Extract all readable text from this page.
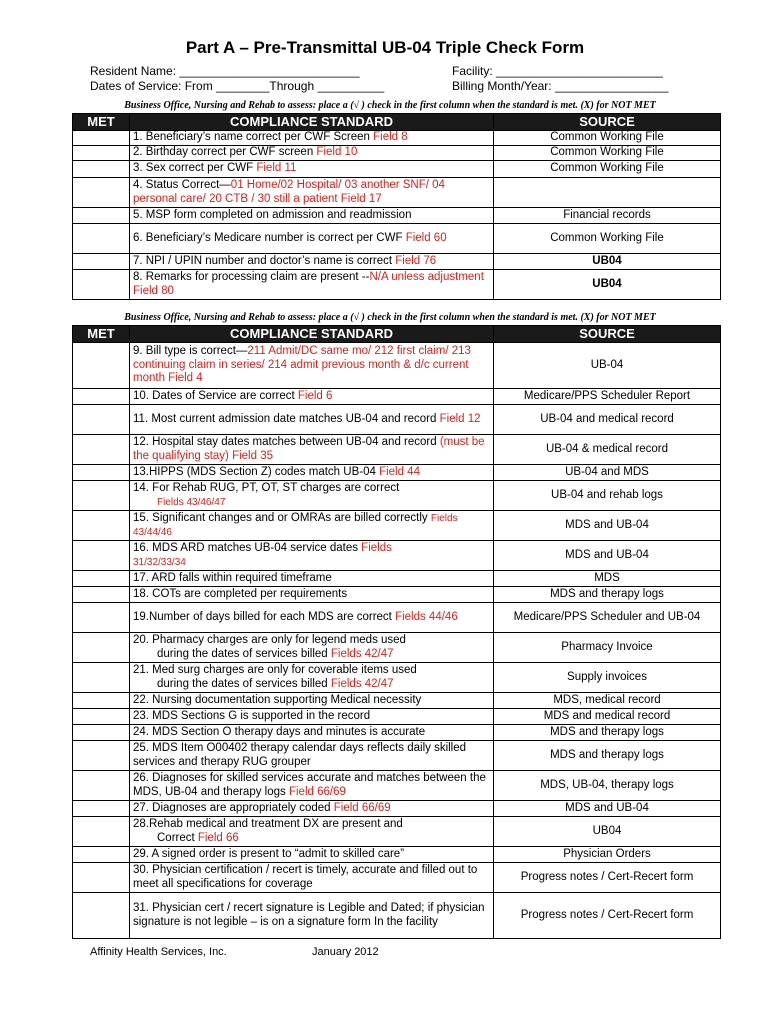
Part A – Pre-Transmittal UB-04 Triple Check Form
Resident Name: ___________________________
Dates of Service: From ________Through __________
Facility: _________________________
Billing Month/Year: _________________
Business Office, Nursing and Rehab to assess: place a (√ ) check in the first column when the standard is met. (X) for NOT MET
MET	COMPLIANCE STANDARD	SOURCE
	1. Beneficiary’s name correct per CWF Screen Field 8	Common Working File
	2. Birthday correct per CWF screen Field 10	Common Working File
	3. Sex correct per CWF Field 11	Common Working File
	4. Status Correct—01 Home/02 Hospital/ 03 another SNF/ 04 personal care/ 20 CTB / 30 still a patient Field 17	
	5. MSP form completed on admission and readmission	Financial records
	6. Beneficiary’s Medicare number is correct per CWF Field 60	Common Working File
	7. NPI / UPIN number and doctor’s name is correct Field 76	UB04
	8. Remarks for processing claim are present --N/A unless adjustment Field 80	UB04
Business Office, Nursing and Rehab to assess: place a (√ ) check in the first column when the standard is met. (X) for NOT MET
MET	COMPLIANCE STANDARD	SOURCE
	9. Bill type is correct—211 Admit/DC same mo/ 212 first claim/ 213 continuing claim in series/ 214 admit previous month & d/c current month Field 4	UB-04
	10. Dates of Service are correct Field 6	Medicare/PPS Scheduler Report
	11. Most current admission date matches UB-04 and record Field 12	UB-04 and medical record
	12. Hospital stay dates matches between UB-04 and record (must be the qualifying stay) Field 35	UB-04 & medical record
	13.HIPPS (MDS Section Z) codes match UB-04 Field 44	UB-04 and MDS
	14. For Rehab RUG, PT, OT, ST charges are correct
Fields 43/46/47	UB-04 and rehab logs
	15. Significant changes and or OMRAs are billed correctly Fields 43/44/46	MDS and UB-04
	16. MDS ARD matches UB-04 service dates Fields
31/32/33/34	MDS and UB-04
	17. ARD falls within required timeframe	MDS
	18. COTs are completed per requirements	MDS and therapy logs
	19.Number of days billed for each MDS are correct Fields 44/46	Medicare/PPS Scheduler and UB-04
	20. Pharmacy charges are only for legend meds used
during the dates of services billed Fields 42/47	Pharmacy Invoice
	21. Med surg charges are only for coverable items used
during the dates of services billed Fields 42/47	Supply invoices
	22. Nursing documentation supporting Medical necessity	MDS, medical record
	23. MDS Sections G is supported in the record	MDS and medical record
	24. MDS Section O therapy days and minutes is accurate	MDS and therapy logs
	25. MDS Item O00402 therapy calendar days reflects daily skilled services and therapy RUG grouper	MDS and therapy logs
	26. Diagnoses for skilled services accurate and matches between the MDS, UB-04 and therapy logs Field 66/69	MDS, UB-04, therapy logs
	27. Diagnoses are appropriately coded Field 66/69	MDS and UB-04
	28.Rehab medical and treatment DX are present and
Correct Field 66	UB04
	29. A signed order is present to “admit to skilled care”	Physician Orders
	30. Physician certification / recert is timely, accurate and filled out to meet all specifications for coverage	Progress notes / Cert-Recert form
	31. Physician cert / recert signature is Legible and Dated; if physician signature is not legible – is on a signature form In the facility	Progress notes / Cert-Recert form
Affinity Health Services, Inc.	January 2012
